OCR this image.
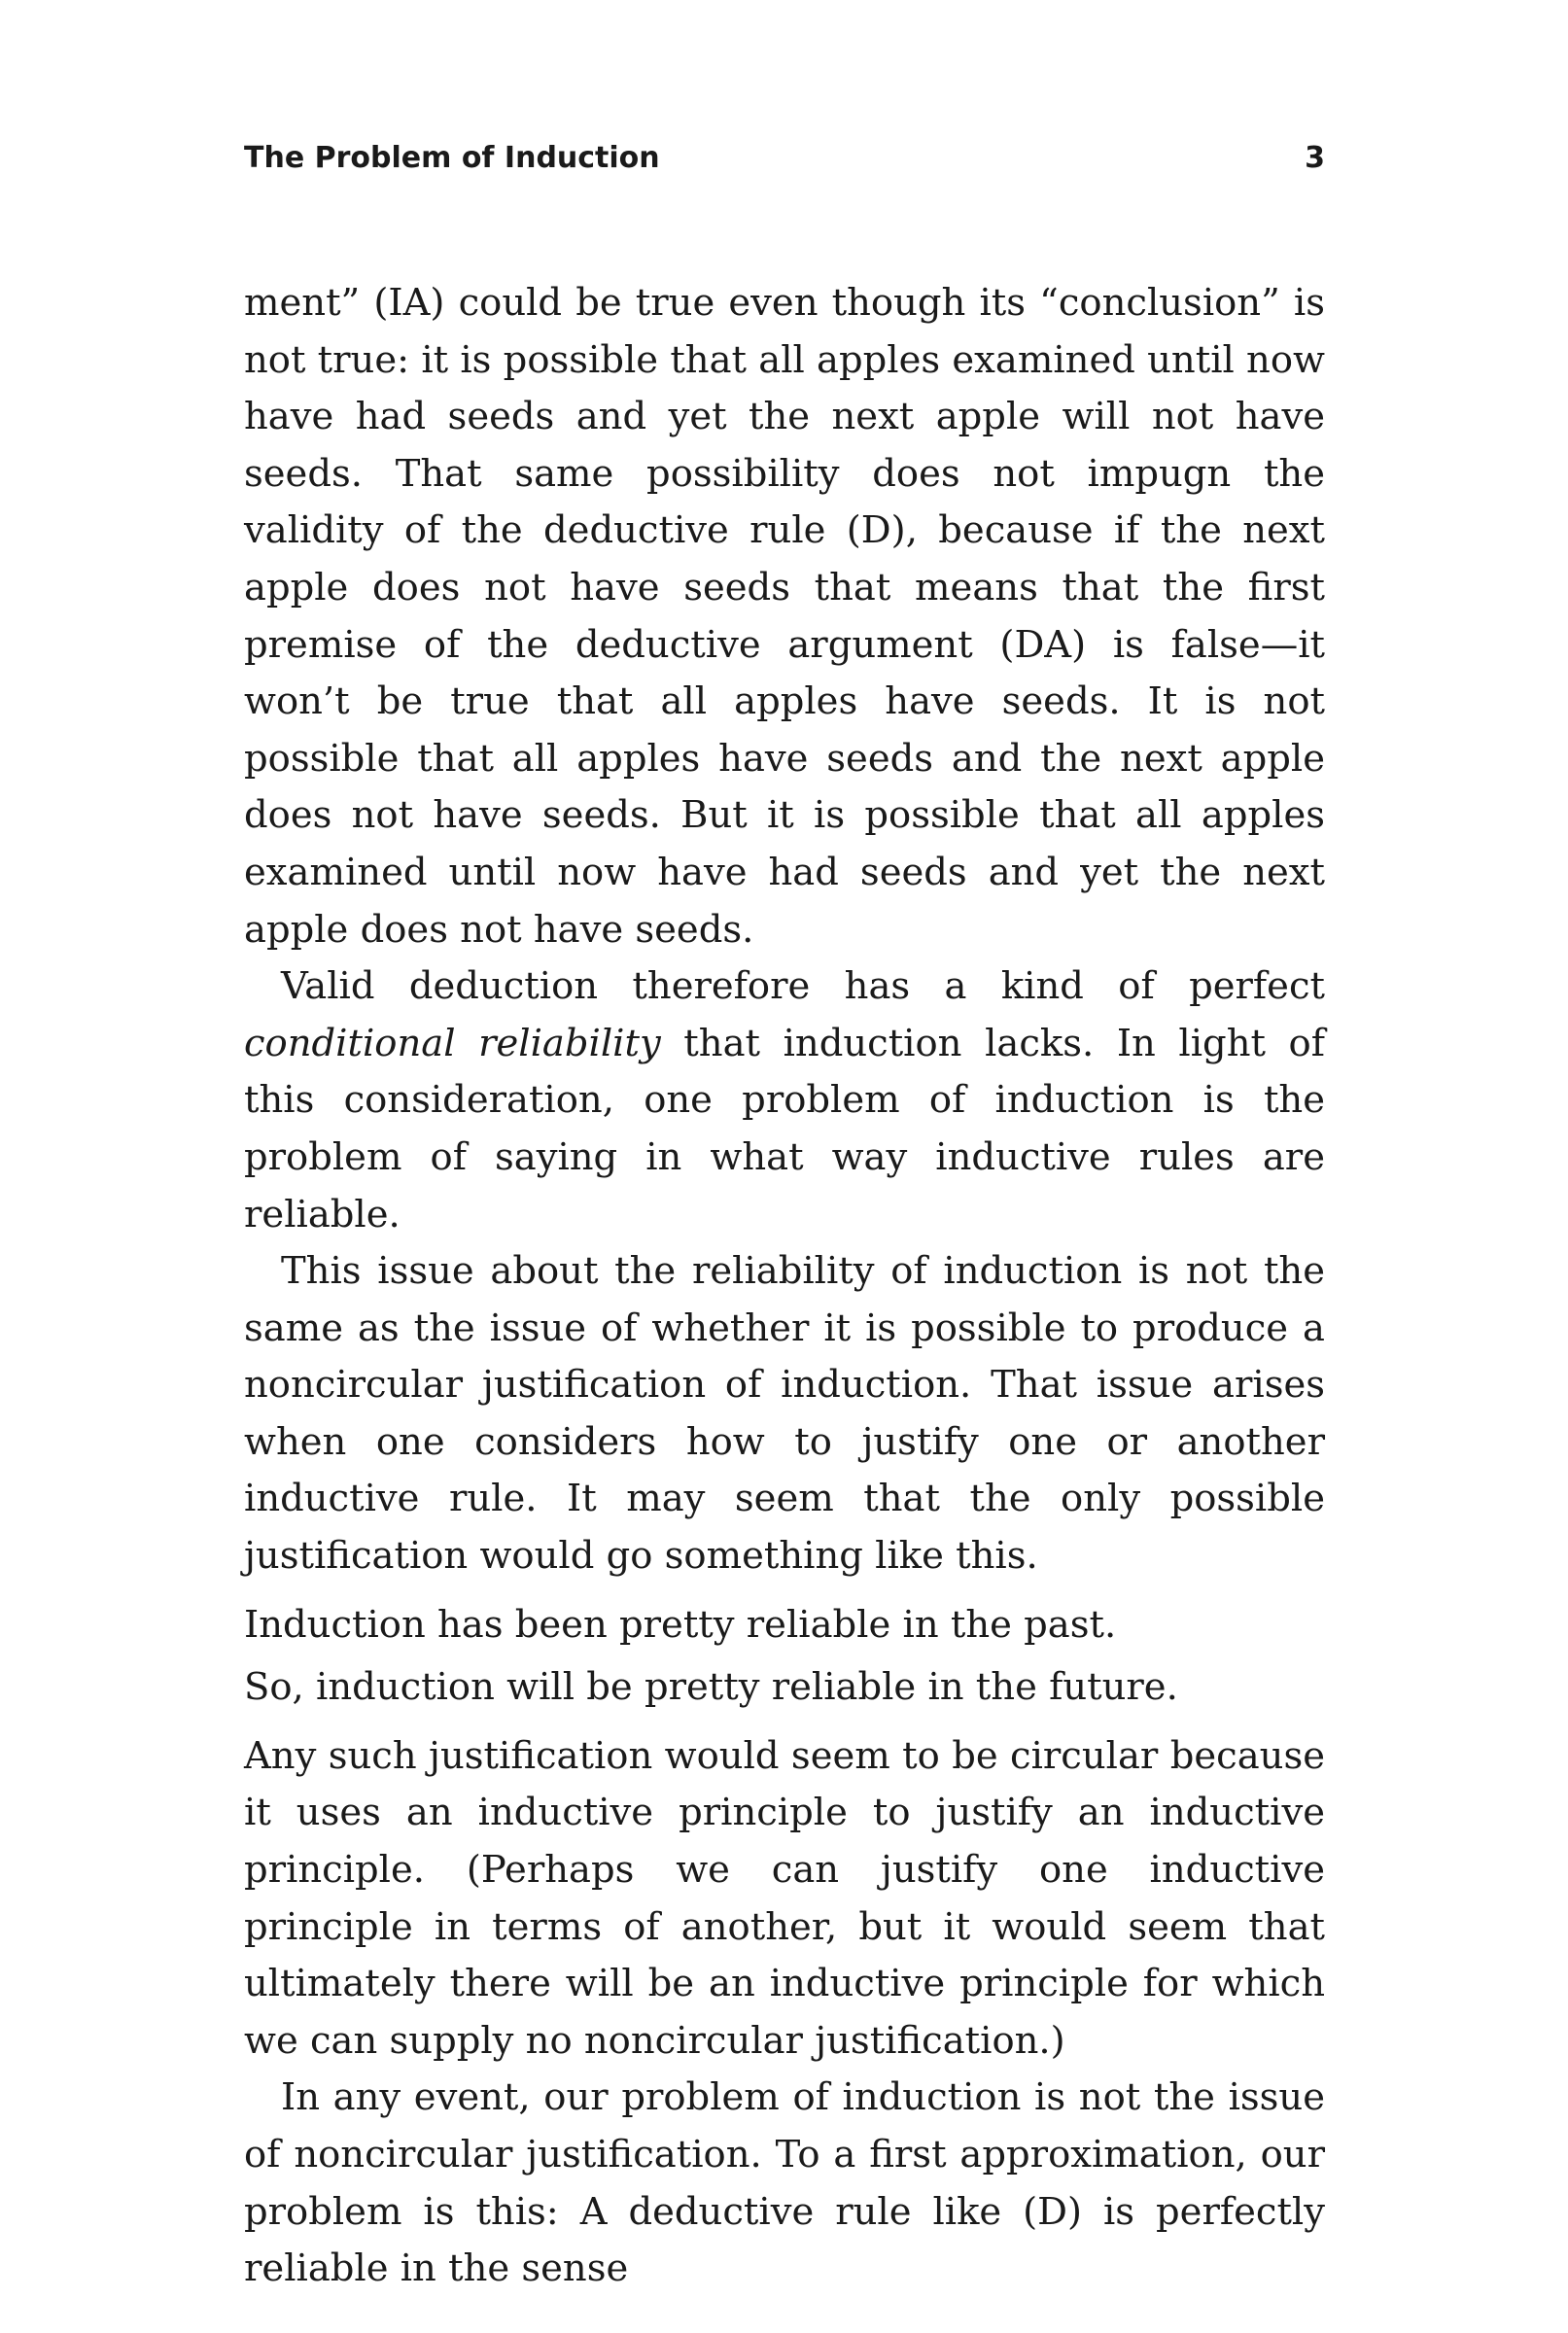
The Problem of Induction	3

ment” (IA) could be true even though its “conclusion” is not true: it is possible that all apples examined until now have had seeds and yet the next apple will not have seeds. That same possibility does not impugn the validity of the deductive rule (D), because if the next apple does not have seeds that means that the first premise of the deductive argument (DA) is false—it won’t be true that all apples have seeds. It is not possible that all apples have seeds and the next apple does not have seeds. But it is possible that all apples examined until now have had seeds and yet the next apple does not have seeds.

Valid deduction therefore has a kind of perfect conditional reliability that induction lacks. In light of this consideration, one problem of induction is the problem of saying in what way inductive rules are reliable.

This issue about the reliability of induction is not the same as the issue of whether it is possible to produce a noncircular justification of induction. That issue arises when one considers how to justify one or another inductive rule. It may seem that the only possible justification would go something like this.

Induction has been pretty reliable in the past.

So, induction will be pretty reliable in the future.

Any such justification would seem to be circular because it uses an inductive principle to justify an inductive principle. (Perhaps we can justify one inductive principle in terms of another, but it would seem that ultimately there will be an inductive principle for which we can supply no noncircular justification.)

In any event, our problem of induction is not the issue of noncircular justification. To a first approximation, our problem is this: A deductive rule like (D) is perfectly reliable in the sense
